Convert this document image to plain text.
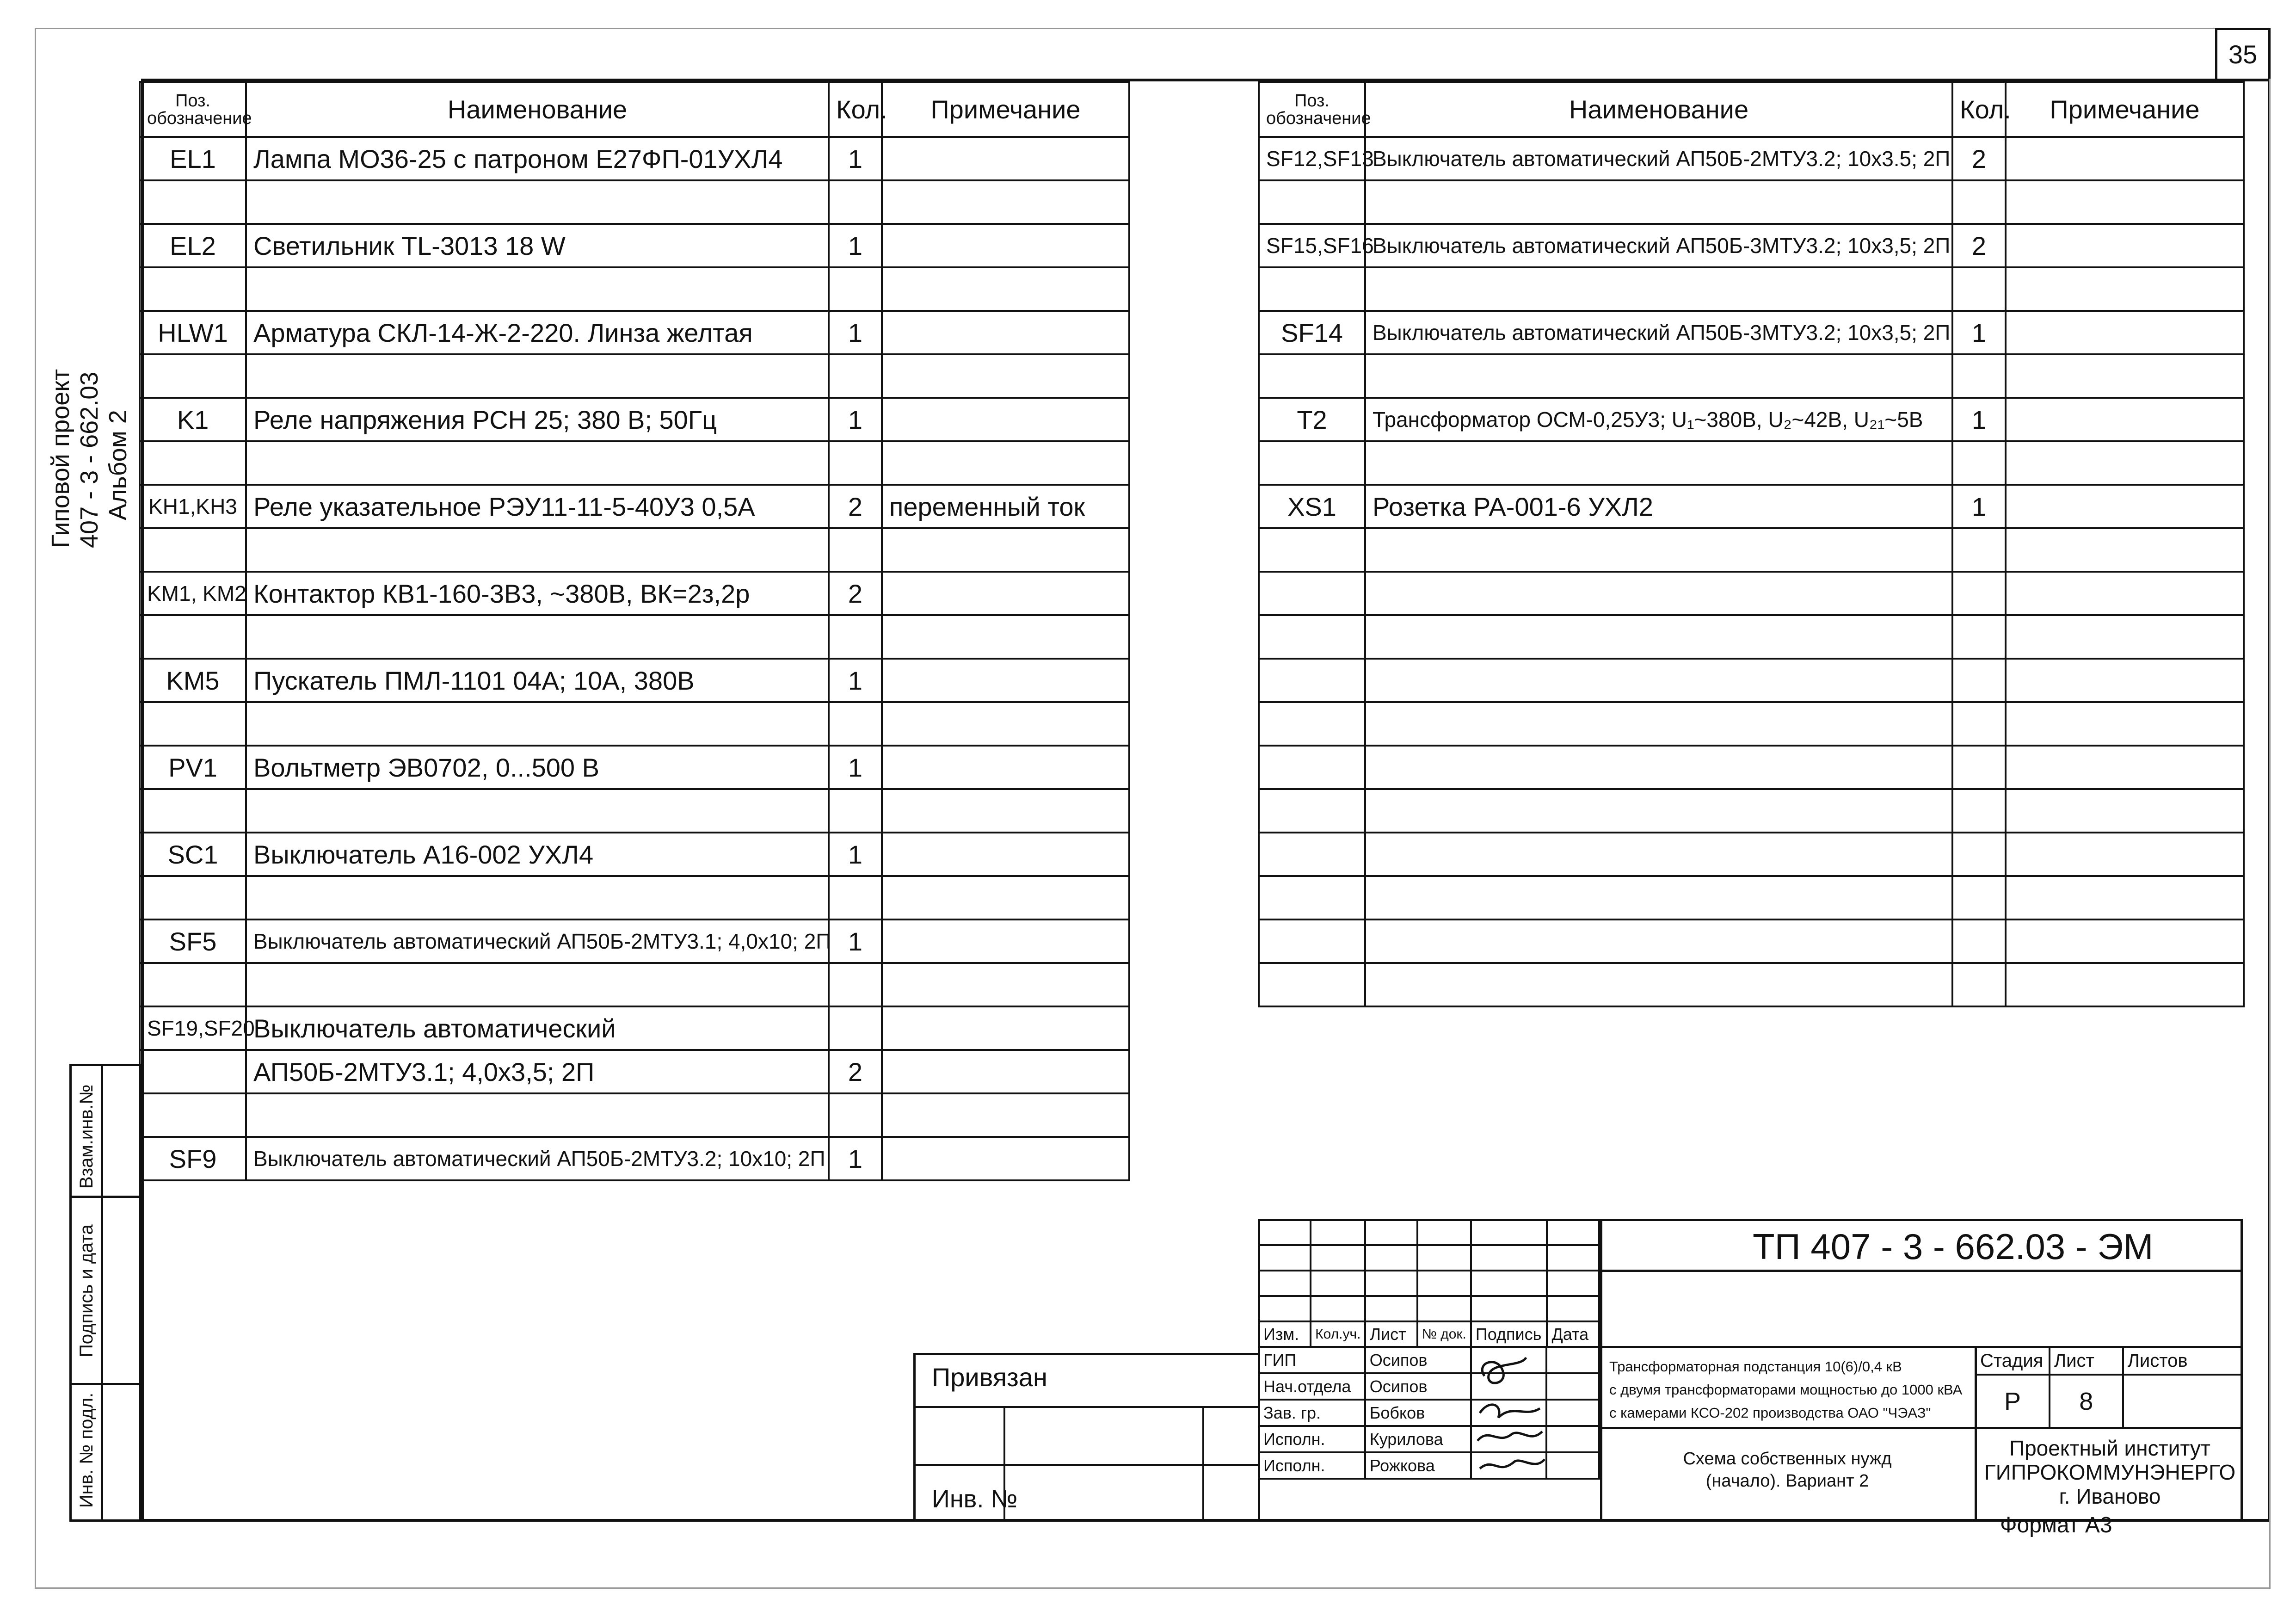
35
Гиповой проект 407 - 3 - 662.03 Альбом 2
Взам.инв.№
Подпись и дата
Инв. № подл.
Поз.
обозначение	Наименование	Кол.	Примечание
EL1	Лампа МО36-25 с патроном Е27ФП-01УХЛ4	1	

EL2	Светильник TL-3013 18 W	1	

HLW1	Арматура СКЛ-14-Ж-2-220. Линза желтая	1	

K1	Реле напряжения РСН 25; 380 В; 50Гц	1	

KH1,KH3	Реле указательное РЭУ11-11-5-40У3 0,5А	2	переменный ток

KM1, KM2	Контактор КВ1-160-3В3, ~380В, ВК=2з,2р	2	

KM5	Пускатель ПМЛ-1101 04А; 10А, 380В	1	

PV1	Вольтметр ЭВ0702, 0...500 В	1	

SC1	Выключатель А16-002 УХЛ4	1	

SF5	Выключатель автоматический АП50Б-2МТУ3.1; 4,0x10; 2П	1	

SF19,SF20	Выключатель автоматический		
	АП50Б-2МТУ3.1; 4,0x3,5; 2П	2	

SF9	Выключатель автоматический АП50Б-2МТУ3.2; 10x10; 2П	1	
Поз.
обозначение	Наименование	Кол.	Примечание
SF12,SF13	Выключатель автоматический АП50Б-2МТУ3.2; 10x3.5; 2П	2	

SF15,SF16	Выключатель автоматический АП50Б-3МТУ3.2; 10x3,5; 2П	2	

SF14	Выключатель автоматический АП50Б-3МТУ3.2; 10x3,5; 2П	1	

T2	Трансформатор ОСМ-0,25У3; U₁~380В, U₂~42В, U₂₁~5В	1	

XS1	Розетка РА-001-6 УХЛ2	1	

Привязан
Инв. №

Изм.	Кол.уч.	Лист	№ док.	Подпись	Дата
ГИП	Осипов		
Нач.отдела	Осипов		
Зав. гр.	Бобков		
Исполн.	Курилова		
Исполн.	Рожкова		
ТП 407 - 3 - 662.03 - ЭМ
Трансформаторная подстанция 10(6)/0,4 кВ
с двумя трансформаторами мощностью до 1000 кВА
с камерами КСО-202 производства ОАО "ЧЭАЗ"
Схема собственных нужд
(начало). Вариант 2
Стадия	Лист	Листов
Р	8	
Проектный институт
ГИПРОКОММУНЭНЕРГО
г. Иваново
Формат А3
